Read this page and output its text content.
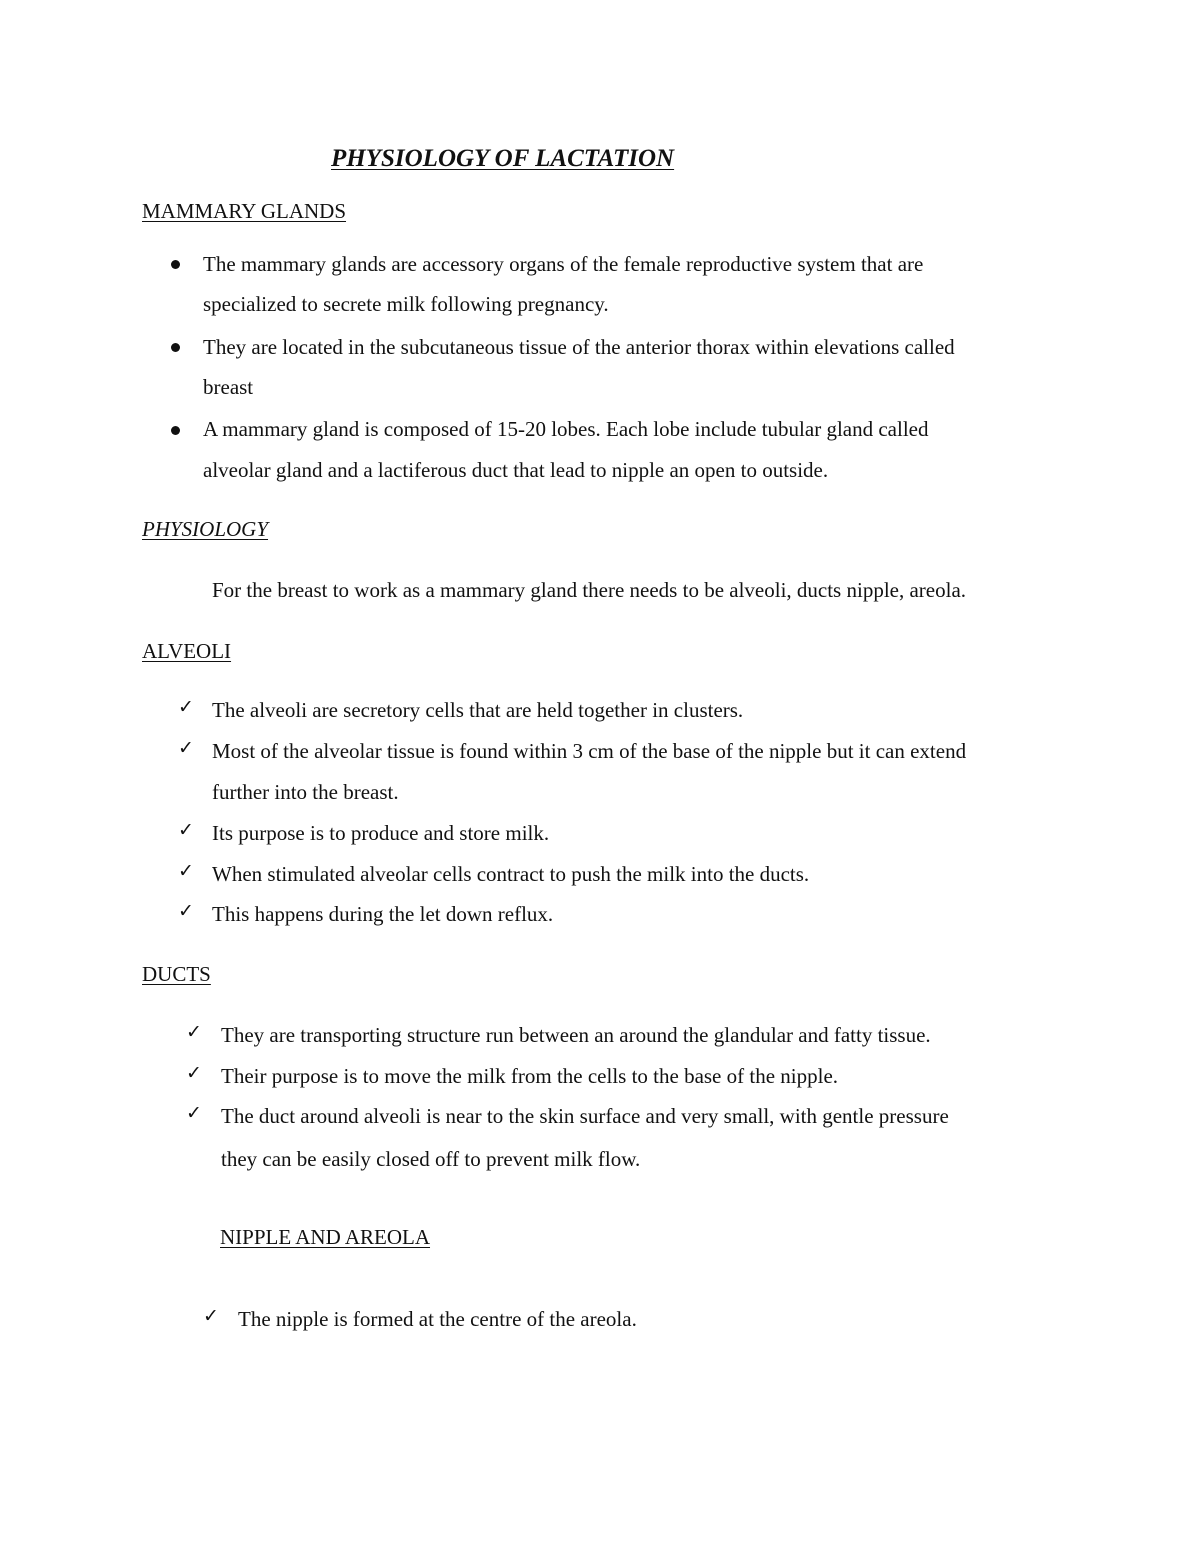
PHYSIOLOGY OF LACTATION
MAMMARY GLANDS
The mammary glands are accessory organs of the female reproductive system that are
specialized to secrete milk following pregnancy.
They are located in the subcutaneous tissue of the anterior thorax within elevations called
breast
A mammary gland is composed of 15-20 lobes. Each lobe include tubular gland called
alveolar gland and a lactiferous duct that lead to nipple an open to outside.
PHYSIOLOGY
For the breast to work as a mammary gland there needs to be alveoli, ducts nipple, areola.
ALVEOLI
✓ The alveoli are secretory cells that are held together in clusters.
✓ Most of the alveolar tissue is found within 3 cm of the base of the nipple but it can extend
further into the breast.
✓ Its purpose is to produce and store milk.
✓ When stimulated alveolar cells contract to push the milk into the ducts.
✓ This happens during the let down reflux.
DUCTS
✓ They are transporting structure run between an around the glandular and fatty tissue.
✓ Their purpose is to move the milk from the cells to the base of the nipple.
✓ The duct around alveoli is near to the skin surface and very small, with gentle pressure
they can be easily closed off to prevent milk flow.
NIPPLE AND AREOLA
✓ The nipple is formed at the centre of the areola.
